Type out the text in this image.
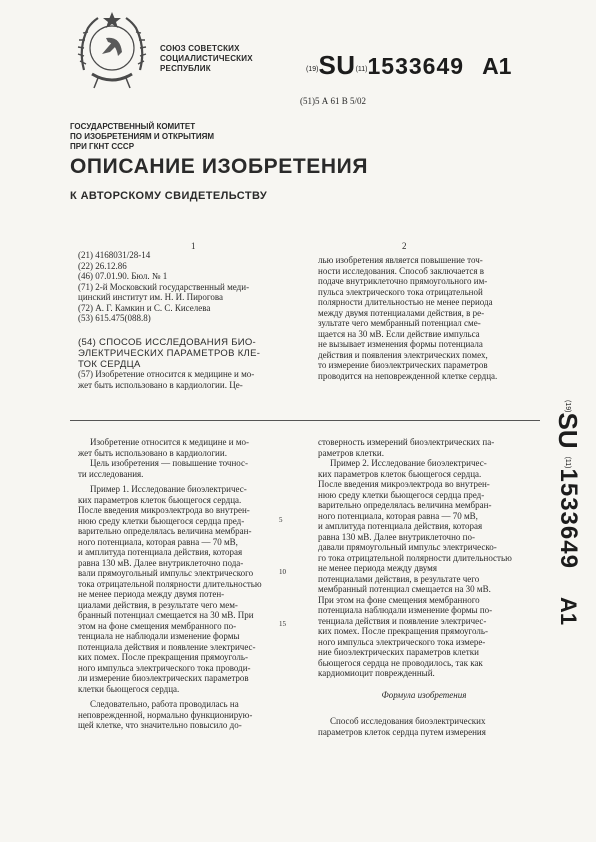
СОЮЗ СОВЕТСКИХ
СОЦИАЛИСТИЧЕСКИХ
РЕСПУБЛИК	(19)SU(11)1533649 A1
(51)5 А 61 В 5/02
ГОСУДАРСТВЕННЫЙ КОМИТЕТ
ПО ИЗОБРЕТЕНИЯМ И ОТКРЫТИЯМ
ПРИ ГКНТ СССР
ОПИСАНИЕ ИЗОБРЕТЕНИЯ
К АВТОРСКОМУ СВИДЕТЕЛЬСТВУ
1	2
(21) 4168031/28-14
(22) 26.12.86
(46) 07.01.90. Бюл. № 1
(71) 2-й Московский государственный меди-
цинский институт им. Н. И. Пирогова
(72) А. Г. Камкин и С. С. Киселева
(53) 615.475(088.8)
(54) СПОСОБ ИССЛЕДОВАНИЯ БИО-
ЭЛЕКТРИЧЕСКИХ ПАРАМЕТРОВ КЛЕ-
ТОК СЕРДЦА
(57) Изобретение относится к медицине и мо-
жет быть использовано в кардиологии. Це-
лью изобретения является повышение точ-
ности исследования. Способ заключается в
подаче внутриклеточно прямоугольного им-
пульса электрического тока отрицательной
полярности длительностью не менее периода
между двумя потенциалами действия, в ре-
зультате чего мембранный потенциал сме-
щается на 30 мВ. Если действие импульса
не вызывает изменения формы потенциала
действия и появления электрических помех,
то измерение биоэлектрических параметров
проводится на неповрежденной клетке сердца.
Изобретение относится к медицине и мо-
жет быть использовано в кардиологии.
Цель изобретения — повышение точнос-
ти исследования.
Пример 1. Исследование биоэлектричес-
ких параметров клеток бьющегося сердца.
После введения микроэлектрода во внутрен-
нюю среду клетки бьющегося сердца пред-
варительно определялась величина мембран-
ного потенциала, которая равна — 70 мВ,
и амплитуда потенциала действия, которая
равна 130 мВ. Далее внутриклеточно пода-
вали прямоугольный импульс электрического
тока отрицательной полярности длительностью
не менее периода между двумя потен-
циалами действия, в результате чего мем-
бранный потенциал смещается на 30 мВ. При
этом на фоне смещения мембранного по-
тенциала не наблюдали изменение формы
потенциала действия и появление электричес-
ких помех. После прекращения прямоуголь-
ного импульса электрического тока проводи-
ли измерение биоэлектрических параметров
клетки бьющегося сердца.
Следовательно, работа проводилась на
неповрежденной, нормально функционирую-
щей клетке, что значительно повысило до-
5
10
15
стоверность измерений биоэлектрических па-
раметров клетки.
Пример 2. Исследование биоэлектричес-
ких параметров клеток бьющегося сердца.
После введения микроэлектрода во внутрен-
нюю среду клетки бьющегося сердца пред-
варительно определялась величина мембран-
ного потенциала, которая равна — 70 мВ,
и амплитуда потенциала действия, которая
равна 130 мВ. Далее внутриклеточно по-
давали прямоугольный импульс электрическо-
го тока отрицательной полярности длительностью
не менее периода между двумя
потенциалами действия, в результате чего
мембранный потенциал смещается на 30 мВ.
При этом на фоне смещения мембранного
потенциала наблюдали изменение формы по-
тенциала действия и появление электричес-
ких помех. После прекращения прямоуголь-
ного импульса электрического тока измере-
ние биоэлектрических параметров клетки
бьющегося сердца не проводилось, так как
кардиомиоцит поврежденный.
Формула изобретения
Способ исследования биоэлектрических
параметров клеток сердца путем измерения
(19)
SU
(11)
1533649
A1
